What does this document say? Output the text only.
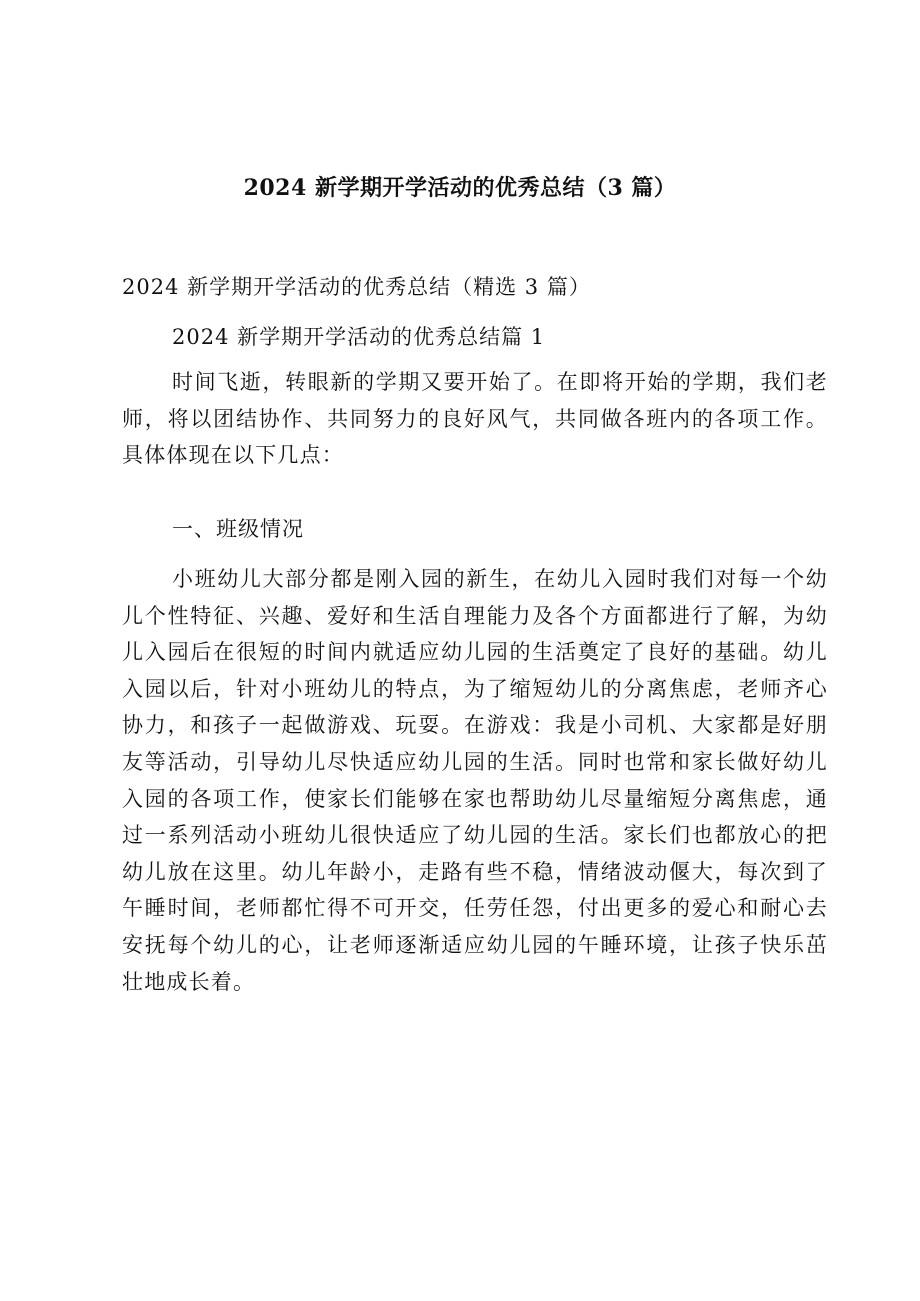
2024 新学期开学活动的优秀总结（3 篇）
2024 新学期开学活动的优秀总结（精选 3 篇）
2024 新学期开学活动的优秀总结篇 1
时间飞逝，转眼新的学期又要开始了。在即将开始的学期，我们老师，将以团结协作、共同努力的良好风气，共同做各班内的各项工作。具体体现在以下几点：
一、班级情况
小班幼儿大部分都是刚入园的新生，在幼儿入园时我们对每一个幼儿个性特征、兴趣、爱好和生活自理能力及各个方面都进行了解，为幼儿入园后在很短的时间内就适应幼儿园的生活奠定了良好的基础。幼儿入园以后，针对小班幼儿的特点，为了缩短幼儿的分离焦虑，老师齐心协力，和孩子一起做游戏、玩耍。在游戏：我是小司机、大家都是好朋友等活动，引导幼儿尽快适应幼儿园的生活。同时也常和家长做好幼儿入园的各项工作，使家长们能够在家也帮助幼儿尽量缩短分离焦虑，通过一系列活动小班幼儿很快适应了幼儿园的生活。家长们也都放心的把幼儿放在这里。幼儿年龄小，走路有些不稳，情绪波动偃大，每次到了午睡时间，老师都忙得不可开交，任劳任怨，付出更多的爱心和耐心去安抚每个幼儿的心，让老师逐渐适应幼儿园的午睡环境，让孩子快乐茁壮地成长着。
